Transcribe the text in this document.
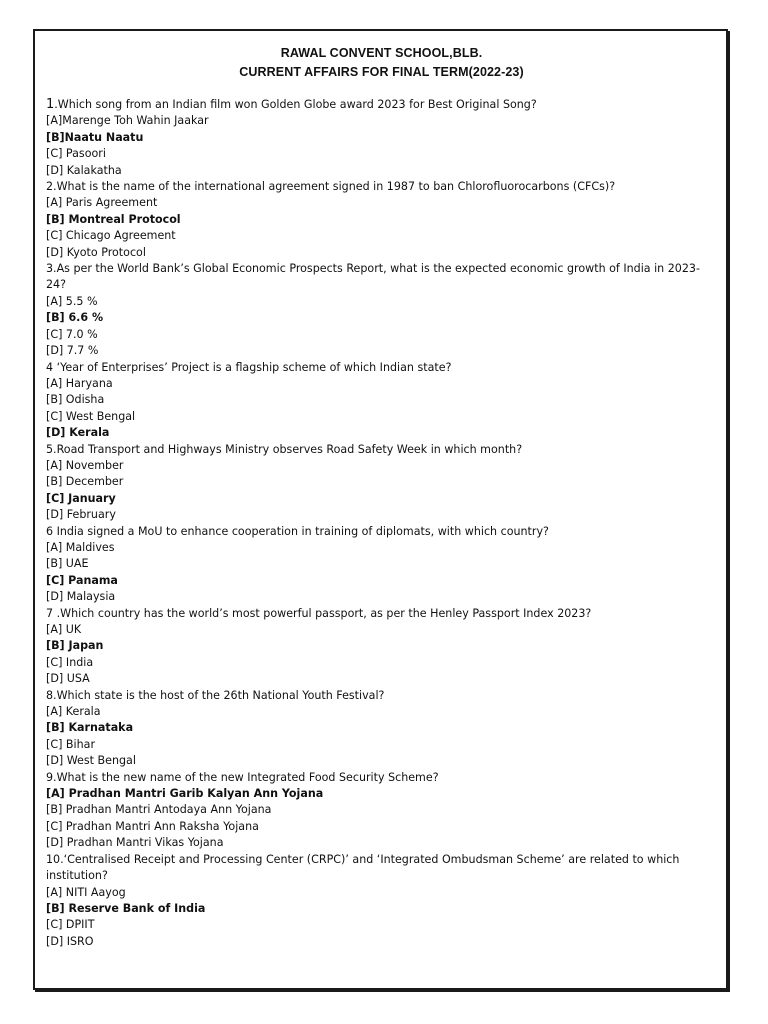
RAWAL CONVENT SCHOOL,BLB.
CURRENT AFFAIRS FOR FINAL TERM(2022-23)
1.Which song from an Indian film won Golden Globe award 2023 for Best Original Song?
[A]Marenge Toh Wahin Jaakar
[B]Naatu Naatu
[C] Pasoori
[D] Kalakatha
2.What is the name of the international agreement signed in 1987 to ban Chlorofluorocarbons (CFCs)?
[A] Paris Agreement
[B] Montreal Protocol
[C] Chicago Agreement
[D] Kyoto Protocol
3.As per the World Bank’s Global Economic Prospects Report, what is the expected economic growth of India in 2023-24?
[A] 5.5 %
[B] 6.6 %
[C] 7.0 %
[D] 7.7 %
4 ‘Year of Enterprises’ Project is a flagship scheme of which Indian state?
[A] Haryana
[B] Odisha
[C] West Bengal
[D] Kerala
5.Road Transport and Highways Ministry observes Road Safety Week in which month?
[A] November
[B] December
[C] January
[D] February
6 India signed a MoU to enhance cooperation in training of diplomats, with which country?
[A] Maldives
[B] UAE
[C] Panama
[D] Malaysia
7 .Which country has the world’s most powerful passport, as per the Henley Passport Index 2023?
[A] UK
[B] Japan
[C] India
[D] USA
8.Which state is the host of the 26th National Youth Festival?
[A] Kerala
[B] Karnataka
[C] Bihar
[D] West Bengal
9.What is the new name of the new Integrated Food Security Scheme?
[A] Pradhan Mantri Garib Kalyan Ann Yojana
[B] Pradhan Mantri Antodaya Ann Yojana
[C] Pradhan Mantri Ann Raksha Yojana
[D] Pradhan Mantri Vikas Yojana
10.‘Centralised Receipt and Processing Center (CRPC)’ and ‘Integrated Ombudsman Scheme’ are related to which institution?
[A] NITI Aayog
[B] Reserve Bank of India
[C] DPIIT
[D] ISRO
